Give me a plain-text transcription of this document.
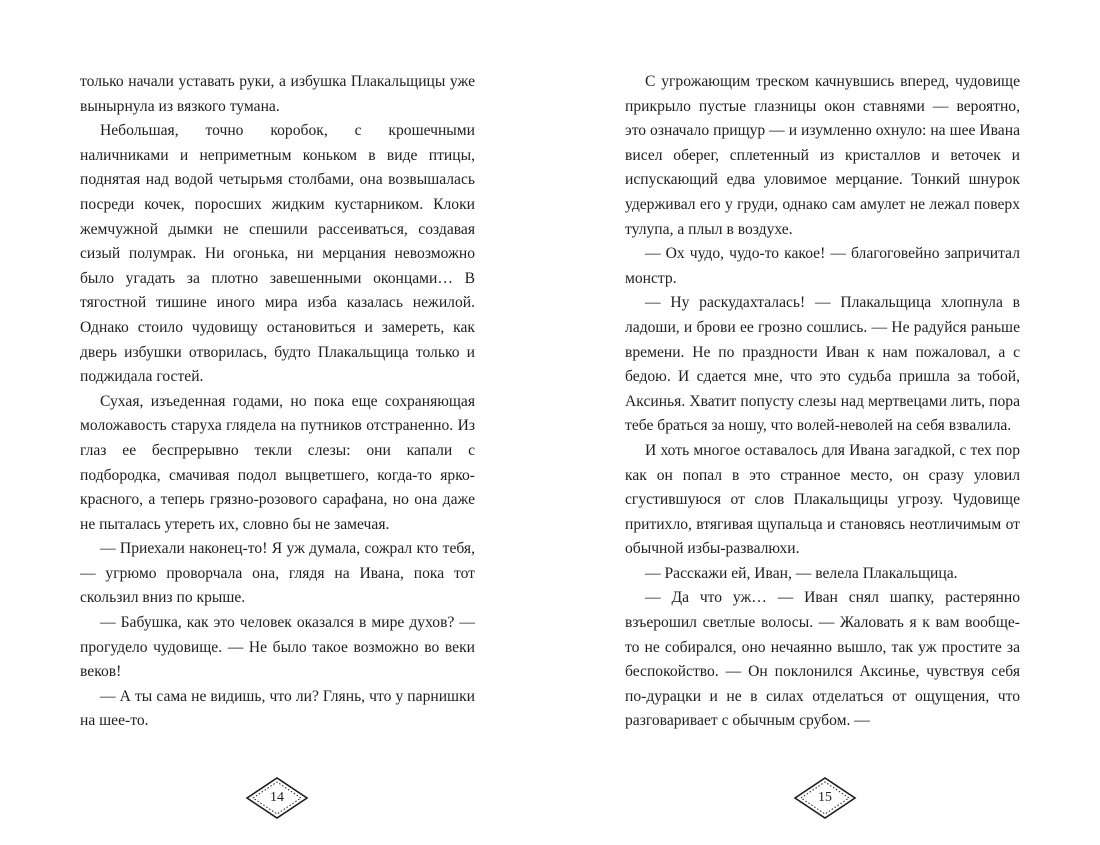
только начали уставать руки, а избушка Плакальщицы уже вынырнула из вязкого тумана.

Небольшая, точно коробок, с крошечными наличниками и неприметным коньком в виде птицы, поднятая над водой четырьмя столбами, она возвышалась посреди кочек, поросших жидким кустарником. Клоки жемчужной дымки не спешили рассеиваться, создавая сизый полумрак. Ни огонька, ни мерцания невозможно было угадать за плотно завешенными оконцами… В тягостной тишине иного мира изба казалась нежилой. Однако стоило чудовищу остановиться и замереть, как дверь избушки отворилась, будто Плакальщица только и поджидала гостей.

Сухая, изъеденная годами, но пока еще сохраняющая моложавость старуха глядела на путников отстраненно. Из глаз ее беспрерывно текли слезы: они капали с подбородка, смачивая подол выцветшего, когда-то ярко-красного, а теперь грязно-розового сарафана, но она даже не пыталась утереть их, словно бы не замечая.

— Приехали наконец-то! Я уж думала, сожрал кто тебя, — угрюмо проворчала она, глядя на Ивана, пока тот скользил вниз по крыше.

— Бабушка, как это человек оказался в мире духов? — прогудело чудовище. — Не было такое возможно во веки веков!

— А ты сама не видишь, что ли? Глянь, что у парнишки на шее-то.

С угрожающим треском качнувшись вперед, чудовище прикрыло пустые глазницы окон ставнями — вероятно, это означало прищур — и изумленно охнуло: на шее Ивана висел оберег, сплетенный из кристаллов и веточек и испускающий едва уловимое мерцание. Тонкий шнурок удерживал его у груди, однако сам амулет не лежал поверх тулупа, а плыл в воздухе.

— Ох чудо, чудо-то какое! — благоговейно запричитал монстр.

— Ну раскудахталась! — Плакальщица хлопнула в ладоши, и брови ее грозно сошлись. — Не радуйся раньше времени. Не по праздности Иван к нам пожаловал, а с бедою. И сдается мне, что это судьба пришла за тобой, Аксинья. Хватит попусту слезы над мертвецами лить, пора тебе браться за ношу, что волей-неволей на себя взвалила.

И хоть многое оставалось для Ивана загадкой, с тех пор как он попал в это странное место, он сразу уловил сгустившуюся от слов Плакальщицы угрозу. Чудовище притихло, втягивая щупальца и становясь неотличимым от обычной избы-развалюхи.

— Расскажи ей, Иван, — велела Плакальщица.

— Да что уж… — Иван снял шапку, растерянно взъерошил светлые волосы. — Жаловать я к вам вообще-то не собирался, оно нечаянно вышло, так уж простите за беспокойство. — Он поклонился Аксинье, чувствуя себя по-дурацки и не в силах отделаться от ощущения, что разговаривает с обычным срубом. —

14	15
